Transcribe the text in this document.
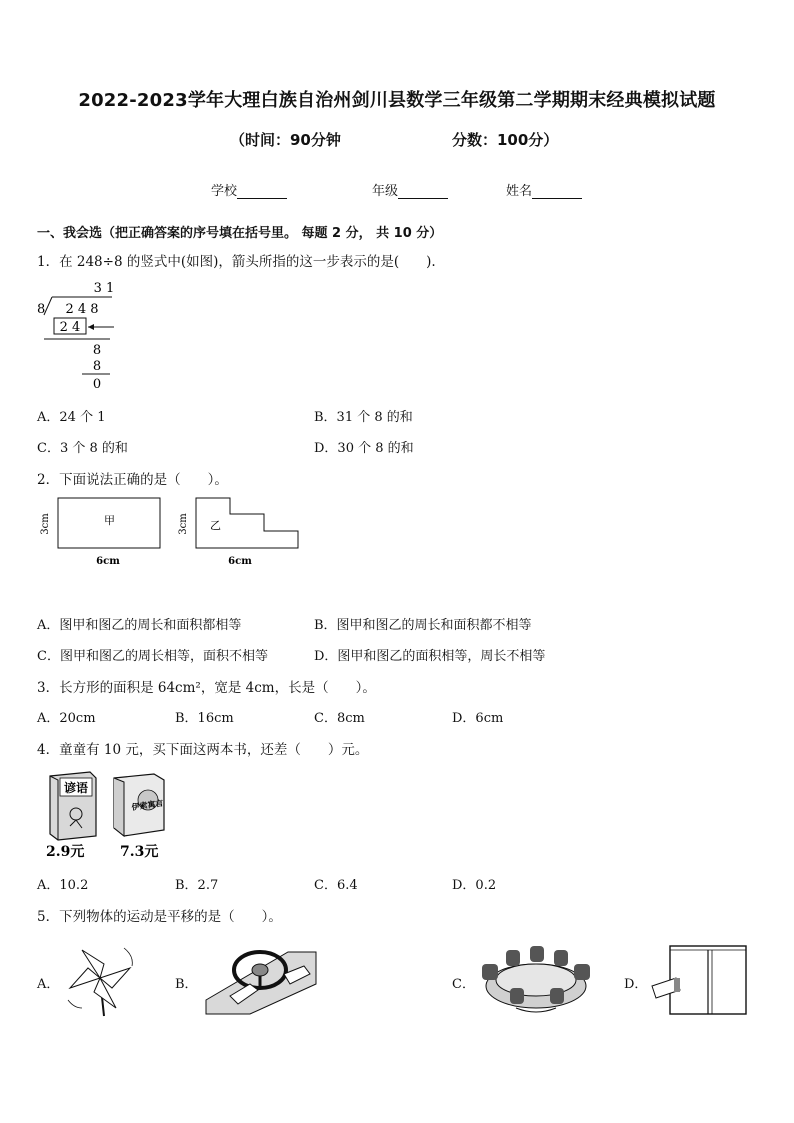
2022-2023学年大理白族自治州剑川县数学三年级第二学期期末经典模拟试题
（时间：90分钟	分数：100分）
学校	年级	姓名
一、我会选（把正确答案的序号填在括号里。 每题 2 分， 共 10 分）
1．在 248÷8 的竖式中(如图)，箭头所指的这一步表示的是(　　).
3 1
8 2 4 8
2 4
8
8
0
A．24 个 1	B．31 个 8 的和
C．3 个 8 的和	D．30 个 8 的和
2．下面说法正确的是（　　）。
甲
3cm
6cm
乙
3cm
6cm
A．图甲和图乙的周长和面积都相等	B．图甲和图乙的周长和面积都不相等
C．图甲和图乙的周长相等，面积不相等	D．图甲和图乙的面积相等，周长不相等
3．长方形的面积是 64cm²，宽是 4cm，长是（　　）。
A．20cm	B．16cm	C．8cm	D．6cm
4．童童有 10 元，买下面这两本书，还差（　　）元。
谚语
伊索寓言
2.9元	7.3元
A．10.2	B．2.7	C．6.4	D．0.2
5．下列物体的运动是平移的是（　　）。
A．	B．	C．	D．
